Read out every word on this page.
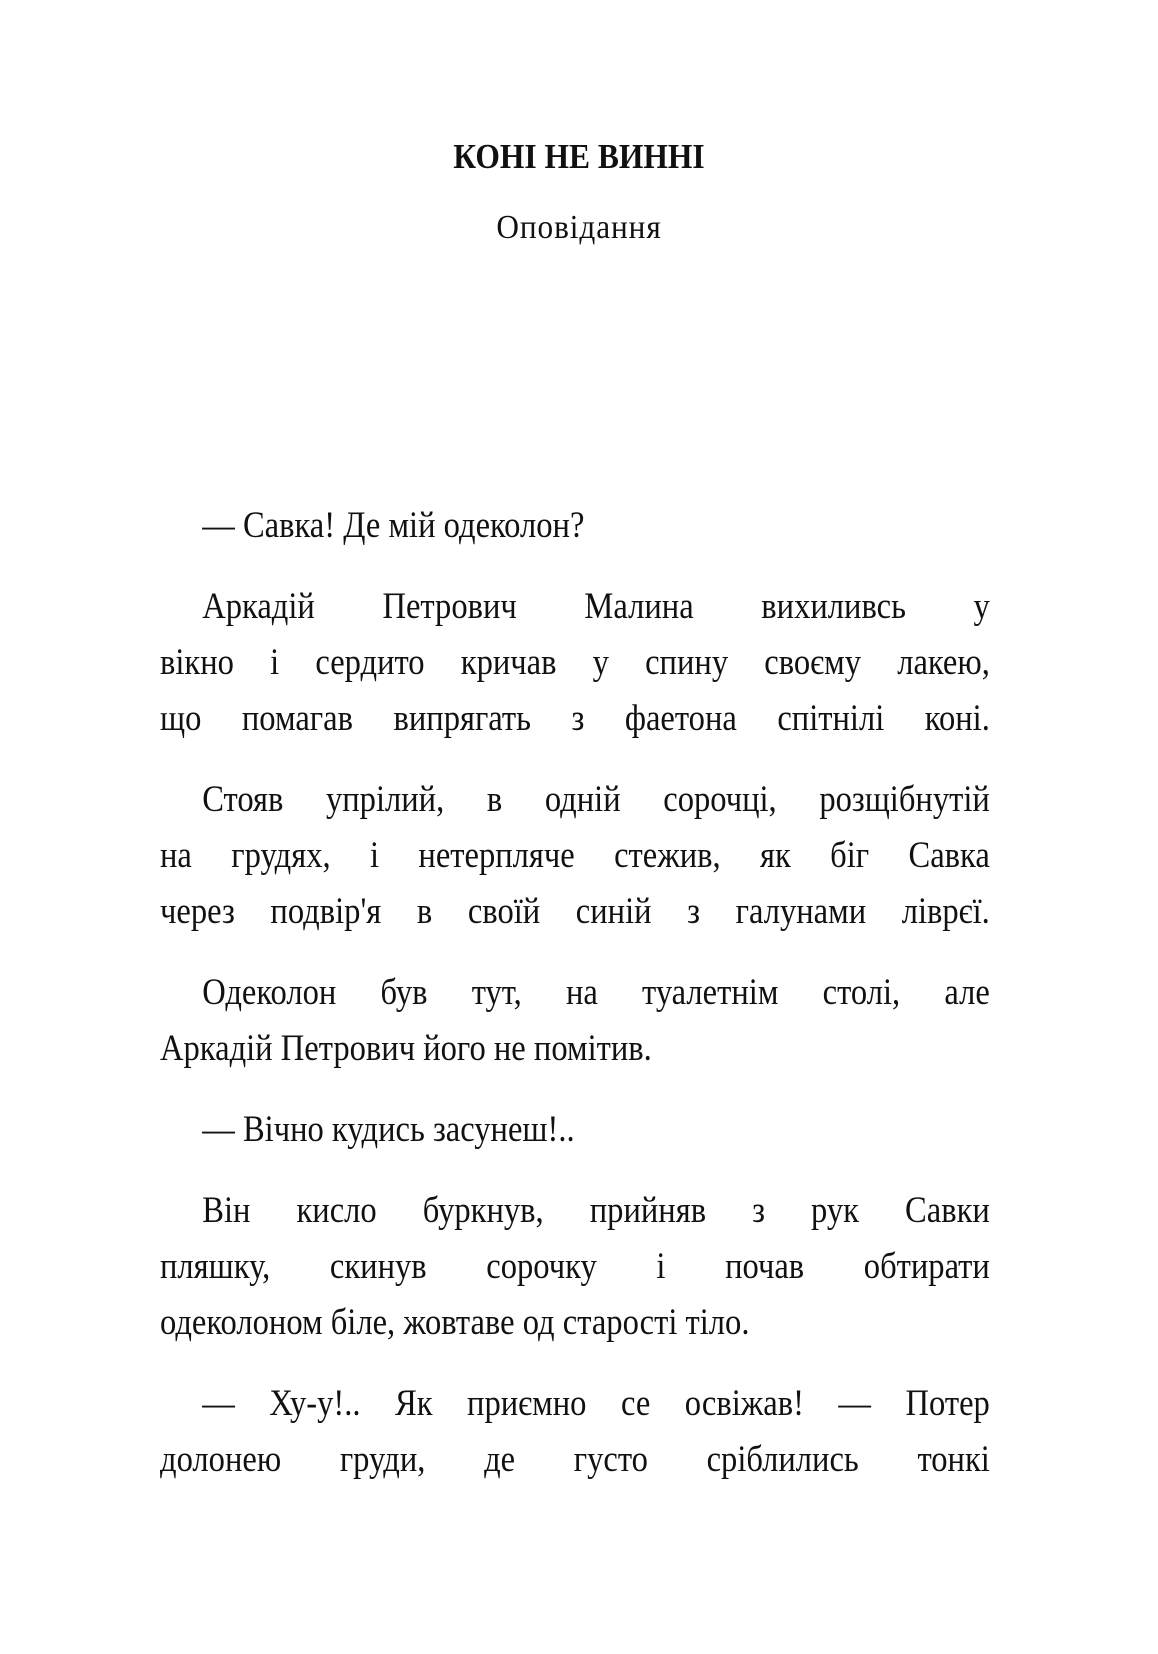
КОНІ НЕ ВИННІ
Оповідання
— Савка! Де мій одеколон?
Аркадій Петрович Малина вихиливсь у
вікно і сердито кричав у спину своєму лакею,
що помагав випрягать з фаетона спітнілі коні.
Стояв упрілий, в одній сорочці, розщібнутій
на грудях, і нетерпляче стежив, як біг Савка
через подвір'я в своїй синій з галунами ліврєї.
Одеколон був тут, на туалетнім столі, але
Аркадій Петрович його не помітив.
— Вічно кудись засунеш!..
Він кисло буркнув, прийняв з рук Савки
пляшку, скинув сорочку і почав обтирати
одеколоном біле, жовтаве од старості тіло.
— Ху-у!.. Як приємно се освіжав! — Потер
долонею груди, де густо сріблились тонкі
